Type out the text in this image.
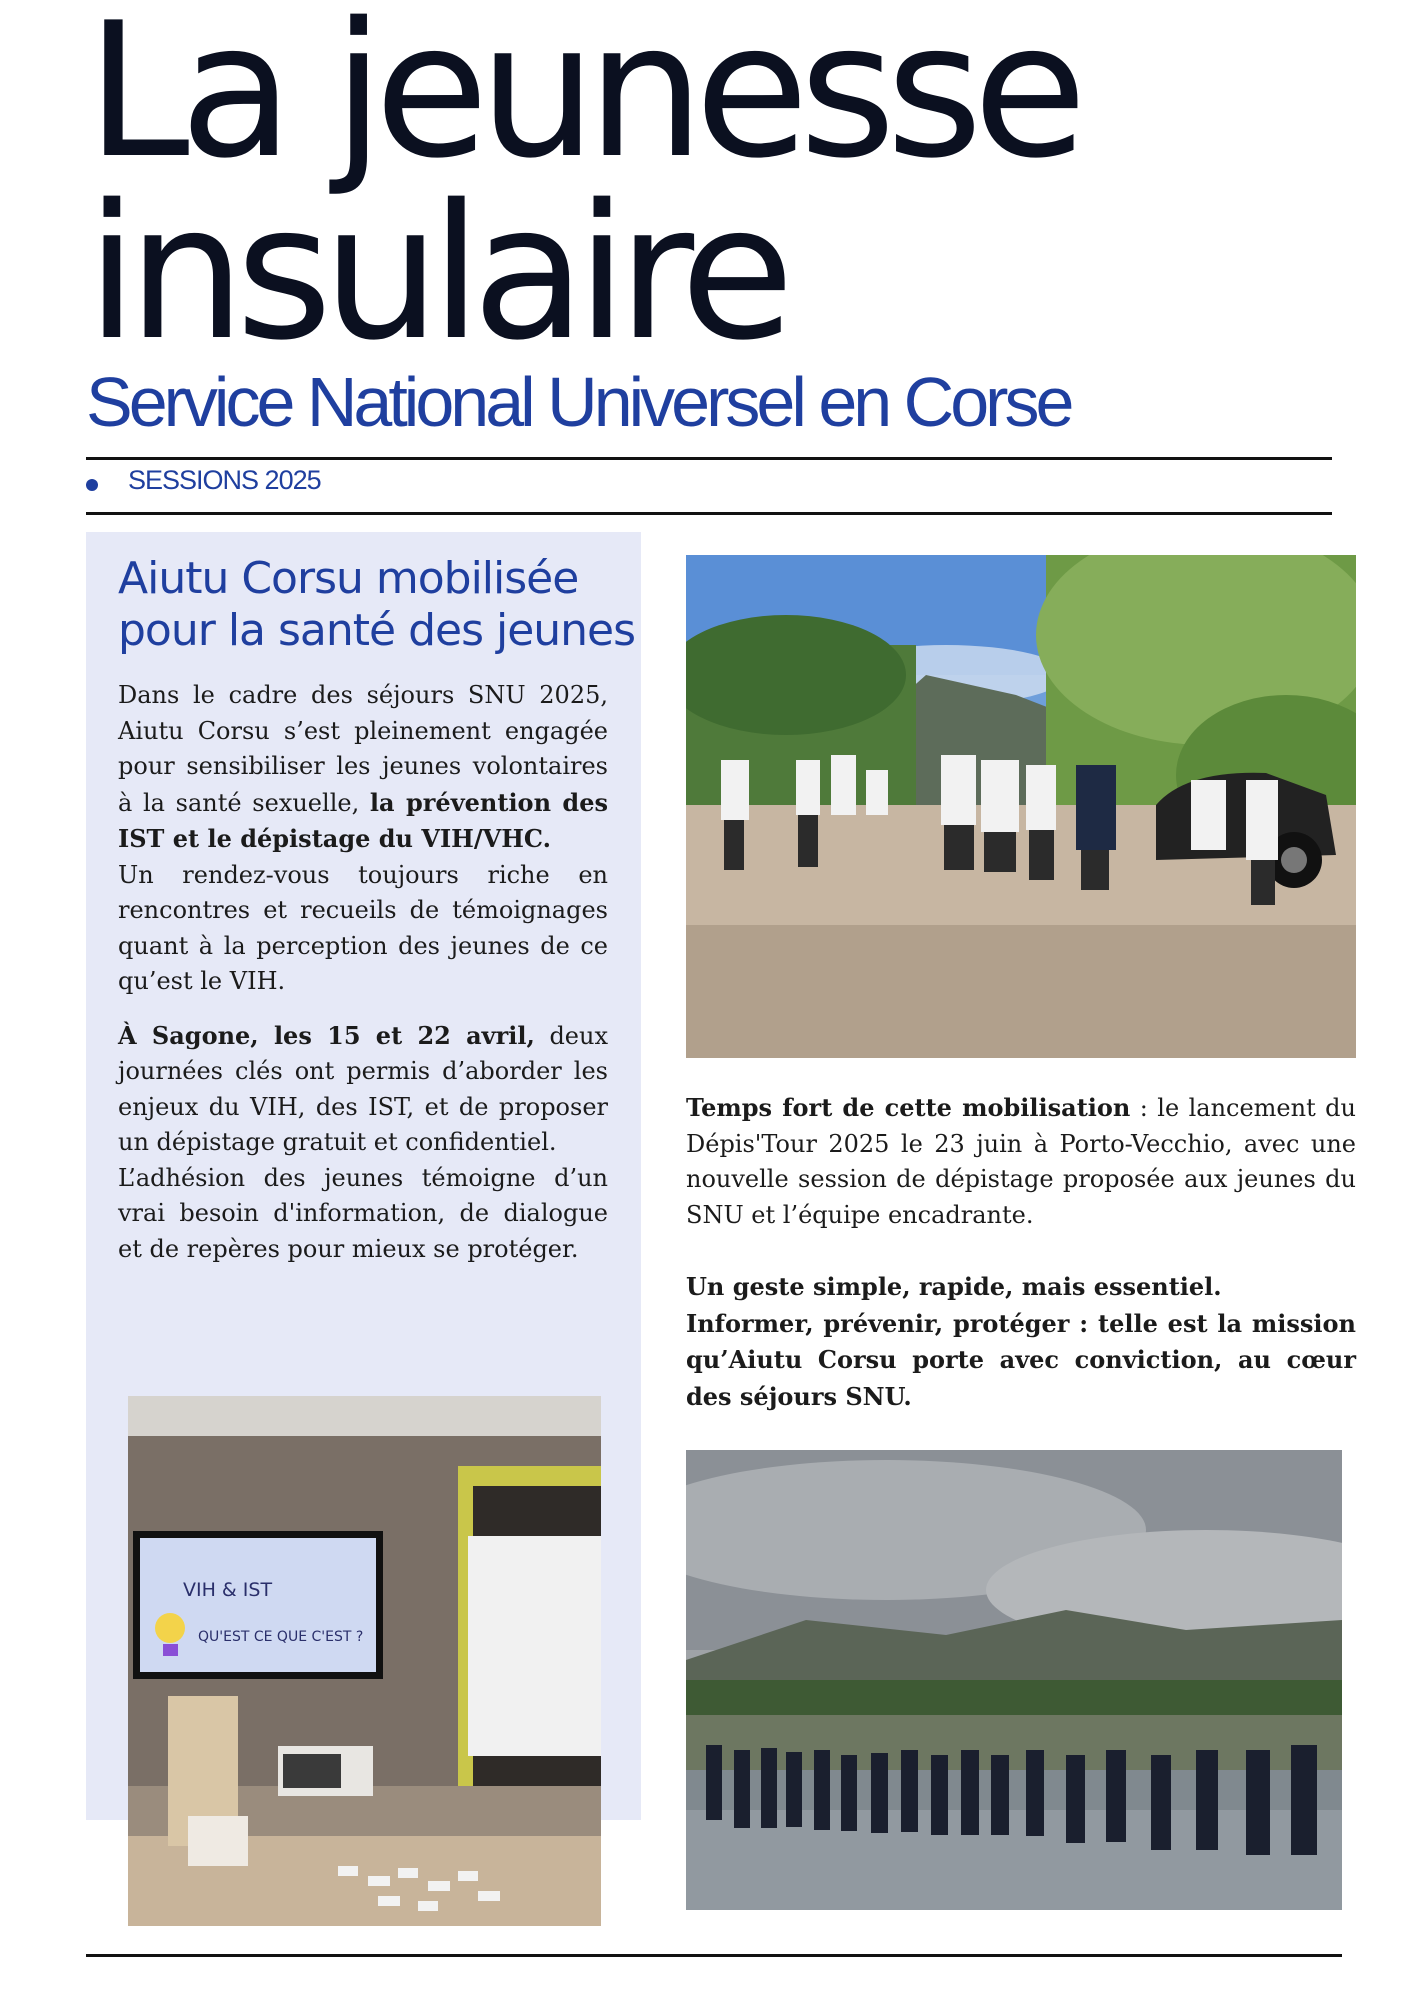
La jeunesse
insulaire
Service National Universel en Corse
SESSIONS 2025
Aiutu Corsu mobilisée
pour la santé des jeunes

Dans le cadre des séjours SNU 2025, Aiutu Corsu s’est pleinement engagée pour sensibiliser les jeunes volontaires à la santé sexuelle, la prévention des IST et le dépistage du VIH/VHC.

Un rendez-vous toujours riche en rencontres et recueils de témoignages quant à la perception des jeunes de ce qu’est le VIH.

À Sagone, les 15 et 22 avril, deux journées clés ont permis d’aborder les enjeux du VIH, des IST, et de proposer un dépistage gratuit et confidentiel.

L’adhésion des jeunes témoigne d’un vrai besoin d'information, de dialogue et de repères pour mieux se protéger.

Temps fort de cette mobilisation : le lancement du Dépis'Tour 2025 le 23 juin à Porto-Vecchio, avec une nouvelle session de dépistage proposée aux jeunes du SNU et l’équipe encadrante.

Un geste simple, rapide, mais essentiel.

Informer, prévenir, protéger : telle est la mission qu’Aiutu Corsu porte avec conviction, au cœur des séjours SNU.

VIH & IST
QU'EST CE QUE C'EST ?
